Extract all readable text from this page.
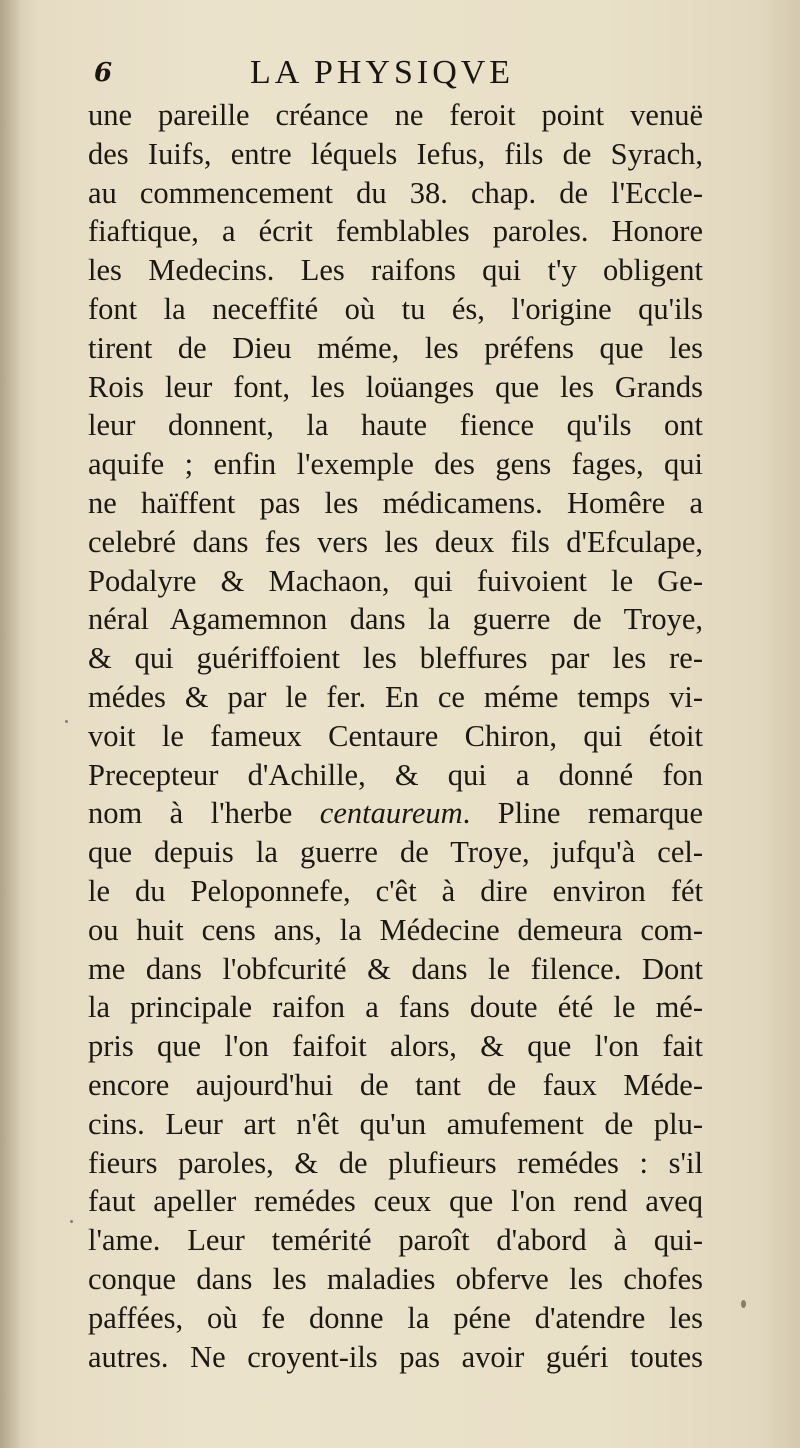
6	LA PHYSIQVE
une pareille créance ne feroit point venuë
des Iuifs, entre léquels Iefus, fils de Syrach,
au commencement du 38. chap. de l'Eccle-
fiaftique, a écrit femblables paroles. Honore
les Medecins. Les raifons qui t'y obligent
font la neceffité où tu és, l'origine qu'ils
tirent de Dieu méme, les préfens que les
Rois leur font, les loüanges que les Grands
leur donnent, la haute fience qu'ils ont
aquife ; enfin l'exemple des gens fages, qui
ne haïffent pas les médicamens. Homêre a
celebré dans fes vers les deux fils d'Efculape,
Podalyre & Machaon, qui fuivoient le Ge-
néral Agamemnon dans la guerre de Troye,
& qui guériffoient les bleffures par les re-
médes & par le fer. En ce méme temps vi-
voit le fameux Centaure Chiron, qui étoit
Precepteur d'Achille, & qui a donné fon
nom à l'herbe centaureum. Pline remarque
que depuis la guerre de Troye, jufqu'à cel-
le du Peloponnefe, c'êt à dire environ fét
ou huit cens ans, la Médecine demeura com-
me dans l'obfcurité & dans le filence. Dont
la principale raifon a fans doute été le mé-
pris que l'on faifoit alors, & que l'on fait
encore aujourd'hui de tant de faux Méde-
cins. Leur art n'êt qu'un amufement de plu-
fieurs paroles, & de plufieurs remédes : s'il
faut apeller remédes ceux que l'on rend aveq
l'ame. Leur temérité paroît d'abord à qui-
conque dans les maladies obferve les chofes
paffées, où fe donne la péne d'atendre les
autres. Ne croyent-ils pas avoir guéri toutes
